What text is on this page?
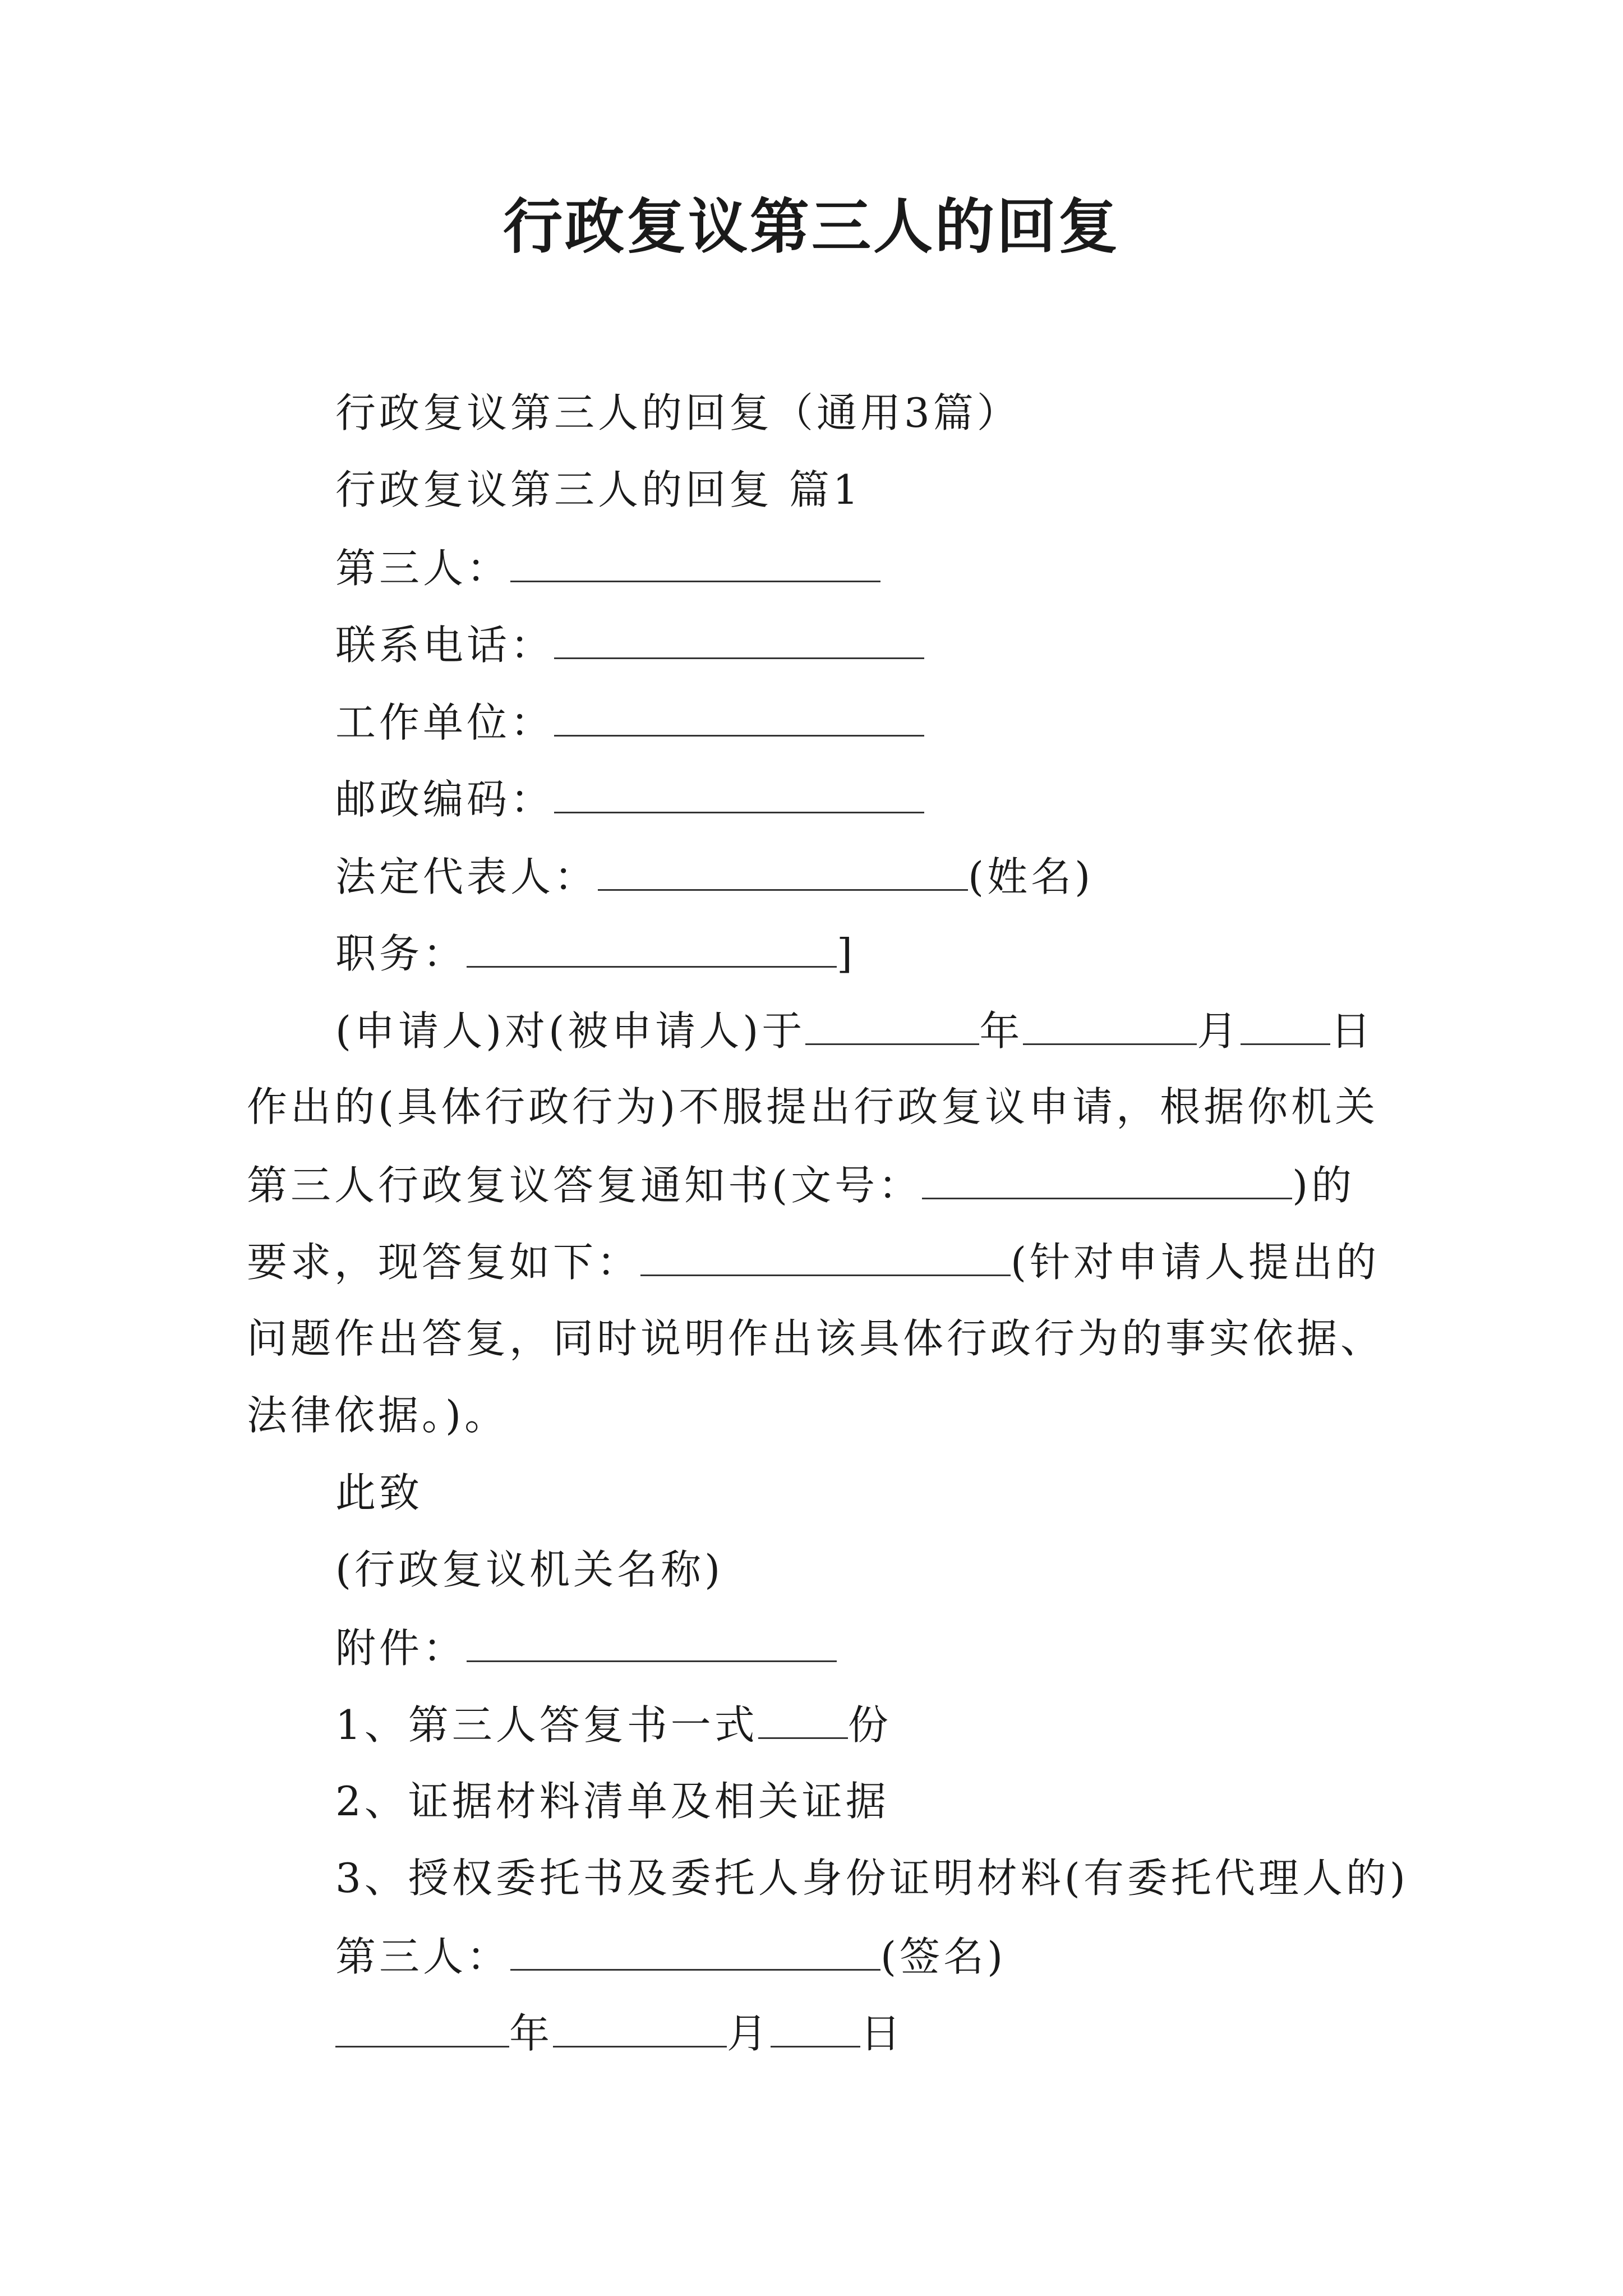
行政复议第三人的回复
行政复议第三人的回复（通用3篇）
行政复议第三人的回复 篇1
第三人：
联系电话：
工作单位：
邮政编码：
法定代表人：	(姓名)
职务：	]
(申请人)对(被申请人)于	年	月 日
作出的(具体行政行为)不服提出行政复议申请，根据你机关
第三人行政复议答复通知书(文号：	)的
要求，现答复如下：	(针对申请人提出的
问题作出答复，同时说明作出该具体行政行为的事实依据、
法律依据。)。
此致
(行政复议机关名称)
附件：
1、第三人答复书一式 份
2、证据材料清单及相关证据
3、授权委托书及委托人身份证明材料(有委托代理人的)
第三人：	(签名)
年	月 日
